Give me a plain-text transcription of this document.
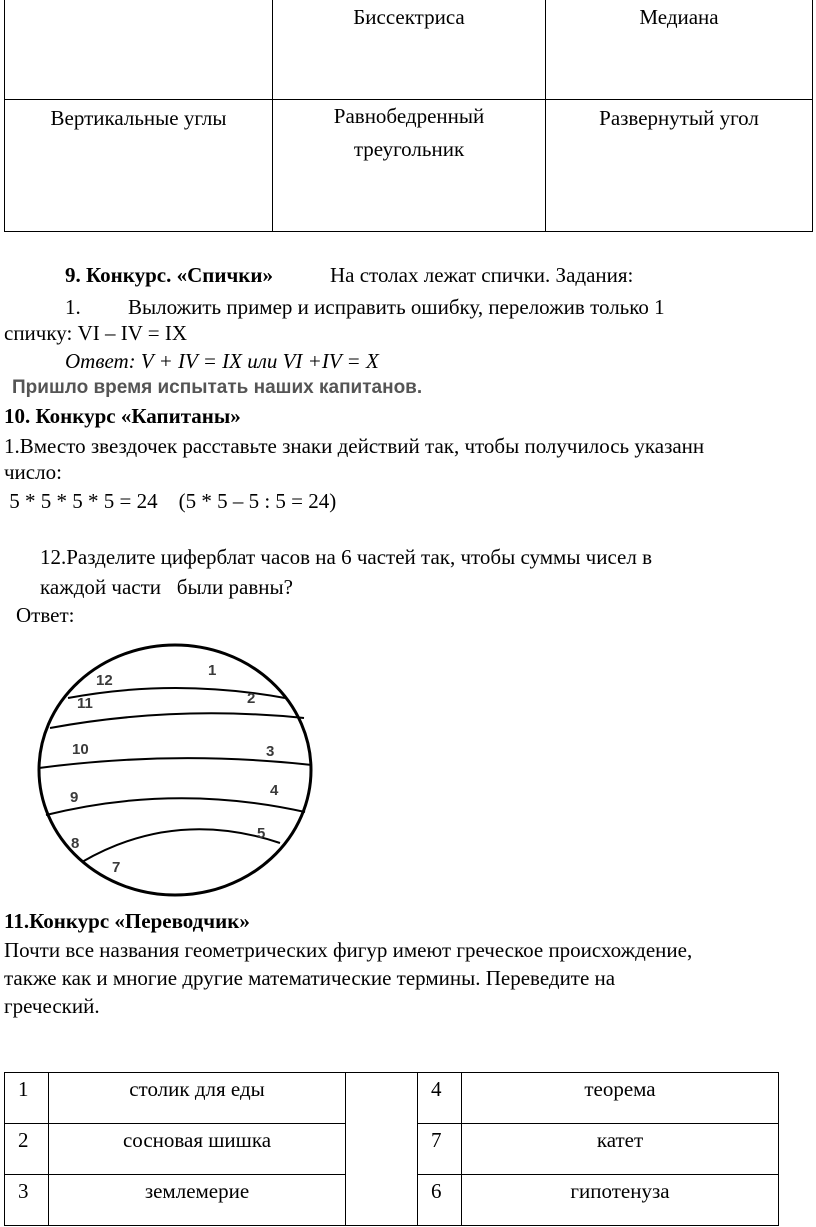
	Биссектриса	Медиана

Вертикальные углы	Равнобедренный треугольник	Развернутый угол
9. Конкурс. «Спички»	На столах лежат спички. Задания:
1. Выложить пример и исправить ошибку, переложив только 1
спичку: VI – IV = IX
Ответ: V + IV = IX или VI +IV = X
Пришло время испытать наших капитанов.
10. Конкурс «Капитаны»
1.Вместо звездочек расставьте знаки действий так, чтобы получилось указанн
число:
5 * 5 * 5 * 5 = 24    (5 * 5 – 5 : 5 = 24)
12.Разделите циферблат часов на 6 частей так, чтобы суммы чисел в
каждой части   были равны?
Ответ:
12
1
11	2
10	3
9	4
8
5
7
11.Конкурс «Переводчик»
Почти все названия геометрических фигур имеют греческое происхождение,
также как и многие другие математические термины. Переведите на
греческий.
1	столик для еды		4	теорема
2	сосновая шишка		7	катет
3	землемерие		6	гипотенуза
